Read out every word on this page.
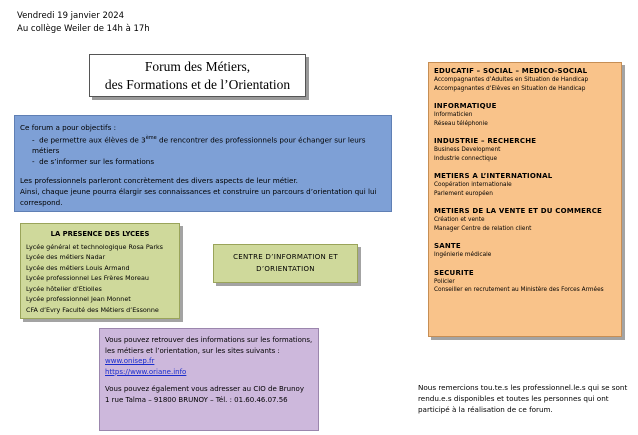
Vendredi 19 janvier 2024
Au collège Weiler de 14h à 17h
Forum des Métiers,
des Formations et de l’Orientation
Ce forum a pour objectifs :
-  de permettre aux élèves de 3ème de rencontrer des professionnels pour échanger sur leurs métiers
-  de s’informer sur les formations
Les professionnels parleront concrètement des divers aspects de leur métier.
Ainsi, chaque jeune pourra élargir ses connaissances et construire un parcours d’orientation qui lui correspond.
LA PRESENCE DES LYCEES
Lycée général et technologique Rosa Parks
Lycée des métiers Nadar
Lycée des métiers Louis Armand
Lycée professionnel Les Frères Moreau
Lycée hôtelier d’Etiolles
Lycée professionnel Jean Monnet
CFA d’Evry Faculté des Métiers d’Essonne
CENTRE D’INFORMATION ET
D’ORIENTATION
Vous pouvez retrouver des informations sur les formations, les métiers et l’orientation, sur les sites suivants :
www.onisep.fr
https://www.oriane.info
Vous pouvez également vous adresser au CIO de Brunoy
1 rue Talma – 91800 BRUNOY – Tél. : 01.60.46.07.56
EDUCATIF – SOCIAL – MEDICO-SOCIAL
Accompagnantes d’Adultes en Situation de Handicap
Accompagnantes d’Elèves en Situation de Handicap
INFORMATIQUE
Informaticien
Réseau téléphonie
INDUSTRIE – RECHERCHE
Business Development
Industrie connectique
METIERS A L’INTERNATIONAL
Coopération internationale
Parlement européen
METIERS DE LA VENTE ET DU COMMERCE
Création et vente
Manager Centre de relation client
SANTE
Ingénierie médicale
SECURITE
Policier
Conseiller en recrutement au Ministère des Forces Armées
Nous remercions tou.te.s les professionnel.le.s qui se sont rendu.e.s disponibles et toutes les personnes qui ont participé à la réalisation de ce forum.
